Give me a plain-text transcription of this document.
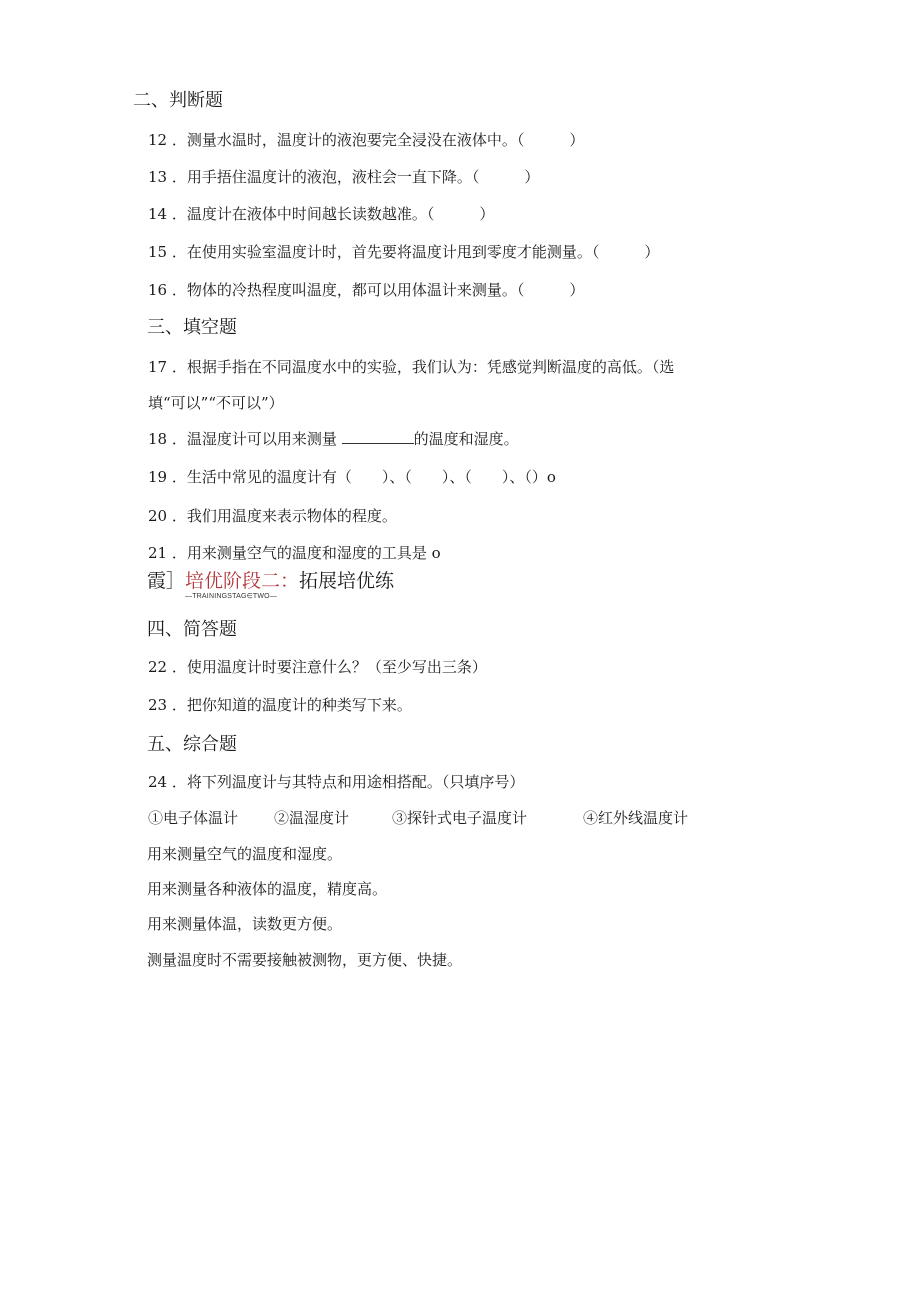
二、判断题
12 ．测量水温时，温度计的液泡要完全浸没在液体中。（　　　）
13 ．用手捂住温度计的液泡，液柱会一直下降。（　　　）
14 ．温度计在液体中时间越长读数越准。（　　　）
15 ．在使用实验室温度计时，首先要将温度计甩到零度才能测量。（　　　）
16 ．物体的冷热程度叫温度，都可以用体温计来测量。（　　　）
三、填空题
17 ．根据手指在不同温度水中的实验，我们认为：凭感觉判断温度的高低。（选
填“可以”“不可以”）
18 ．温湿度计可以用来测量	的温度和湿度。
19 ．生活中常见的温度计有（　　）、（　　）、（　　）、（）o
20 ．我们用温度来表示物体的程度。
21 ．用来测量空气的温度和湿度的工具是 o
霞］培优阶段二：拓展培优练
—TRAININGSTAG∈TWO—
四、简答题
22 ．使用温度计时要注意什么？（至少写出三条）
23 ．把你知道的温度计的种类写下来。
五、综合题
24 ．将下列温度计与其特点和用途相搭配。（只填序号）
①电子体温计 ②温湿度计	③探针式电子温度计	④红外线温度计
用来测量空气的温度和湿度。
用来测量各种液体的温度，精度高。
用来测量体温，读数更方便。
测量温度时不需要接触被测物，更方便、快捷。
